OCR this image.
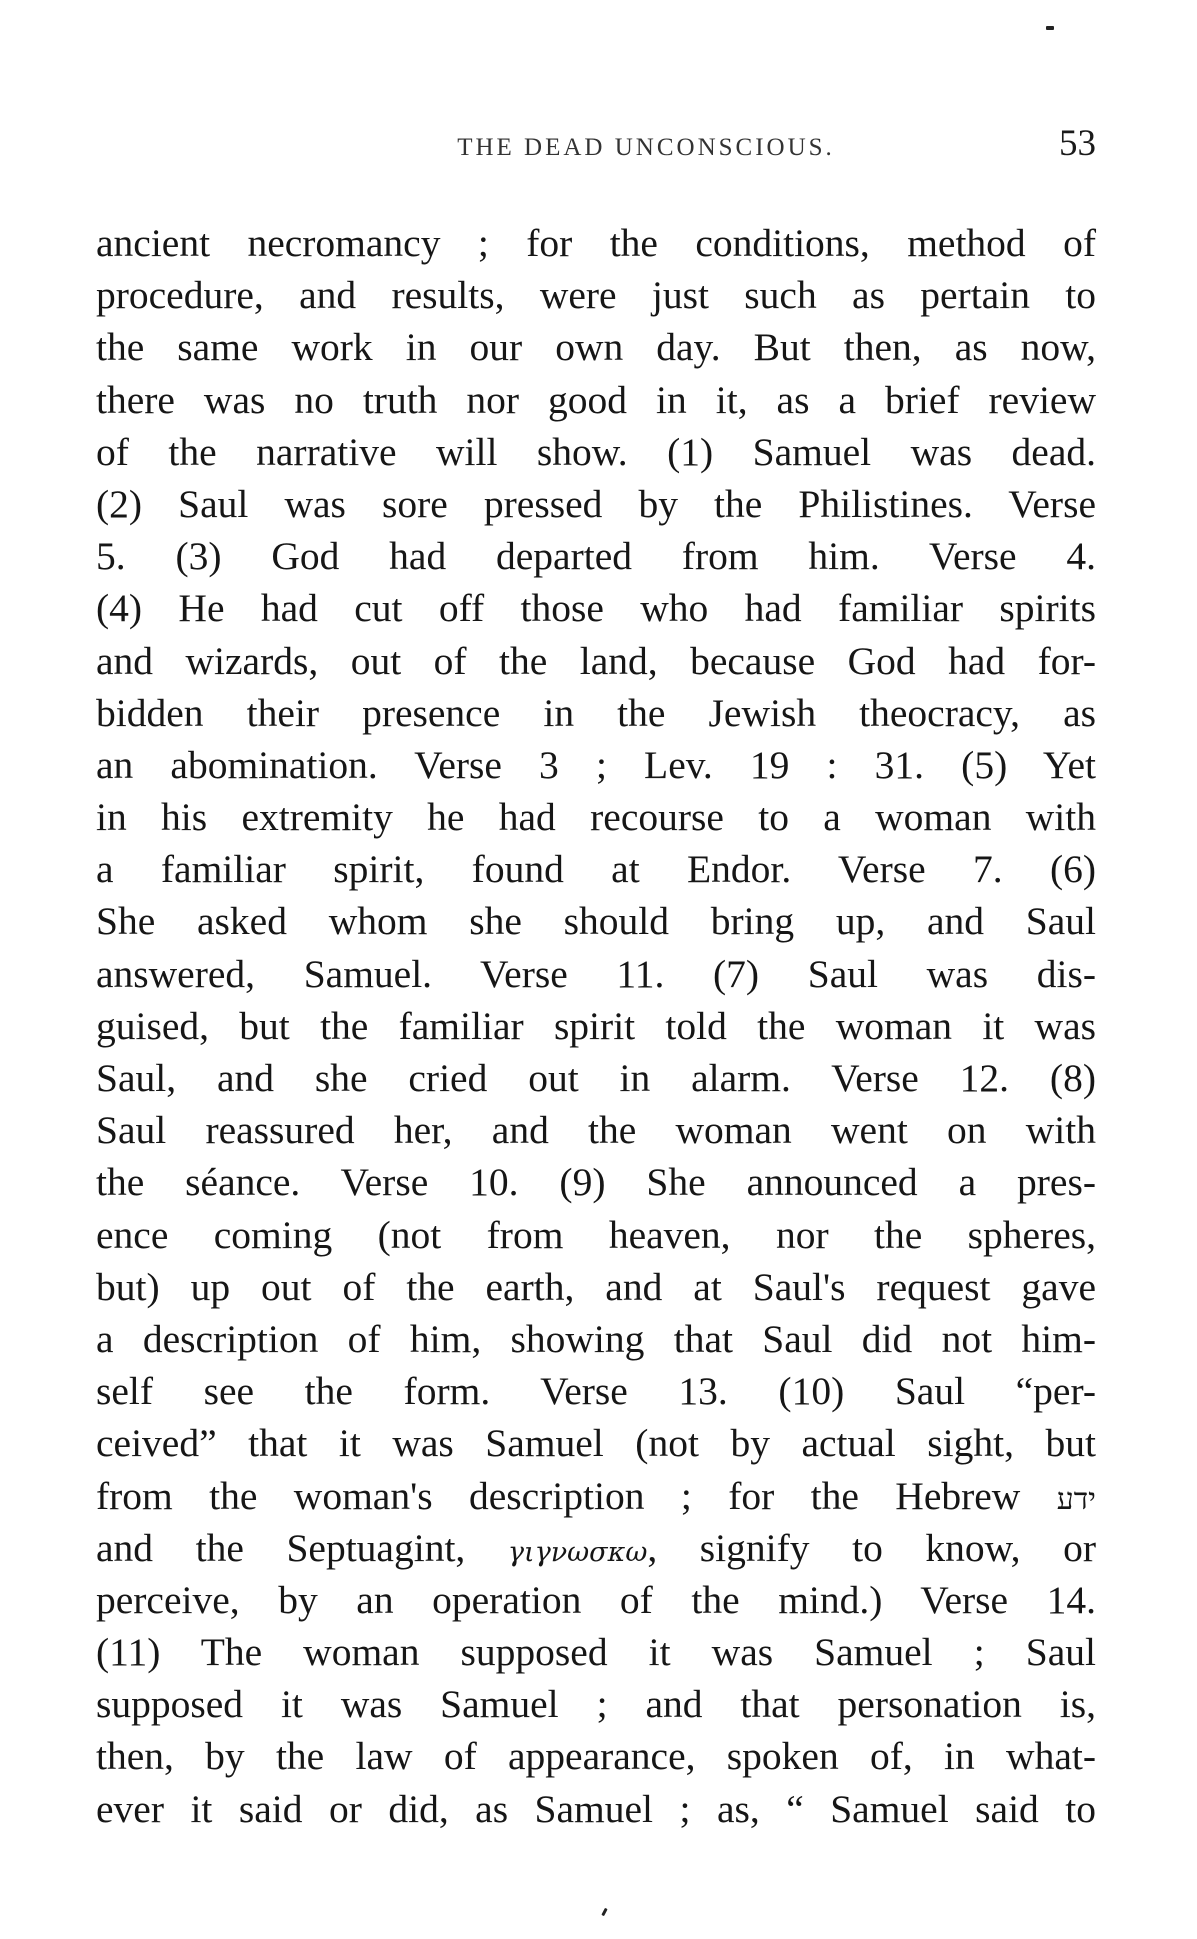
THE DEAD UNCONSCIOUS.	53
ancient necromancy ; for the conditions, method of
procedure, and results, were just such as pertain to
the same work in our own day. But then, as now,
there was no truth nor good in it, as a brief review
of the narrative will show. (1) Samuel was dead.
(2) Saul was sore pressed by the Philistines. Verse
5. (3) God had departed from him. Verse 4.
(4) He had cut off those who had familiar spirits
and wizards, out of the land, because God had for-
bidden their presence in the Jewish theocracy, as
an abomination. Verse 3 ; Lev. 19 : 31. (5) Yet
in his extremity he had recourse to a woman with
a familiar spirit, found at Endor. Verse 7. (6)
She asked whom she should bring up, and Saul
answered, Samuel. Verse 11. (7) Saul was dis-
guised, but the familiar spirit told the woman it was
Saul, and she cried out in alarm. Verse 12. (8)
Saul reassured her, and the woman went on with
the séance. Verse 10. (9) She announced a pres-
ence coming (not from heaven, nor the spheres,
but) up out of the earth, and at Saul's request gave
a description of him, showing that Saul did not him-
self see the form. Verse 13. (10) Saul “per-
ceived” that it was Samuel (not by actual sight, but
from the woman's description ; for the Hebrew ידע
and the Septuagint, γιγνωσκω, signify to know, or
perceive, by an operation of the mind.) Verse 14.
(11) The woman supposed it was Samuel ; Saul
supposed it was Samuel ; and that personation is,
then, by the law of appearance, spoken of, in what-
ever it said or did, as Samuel ; as, “ Samuel said to
